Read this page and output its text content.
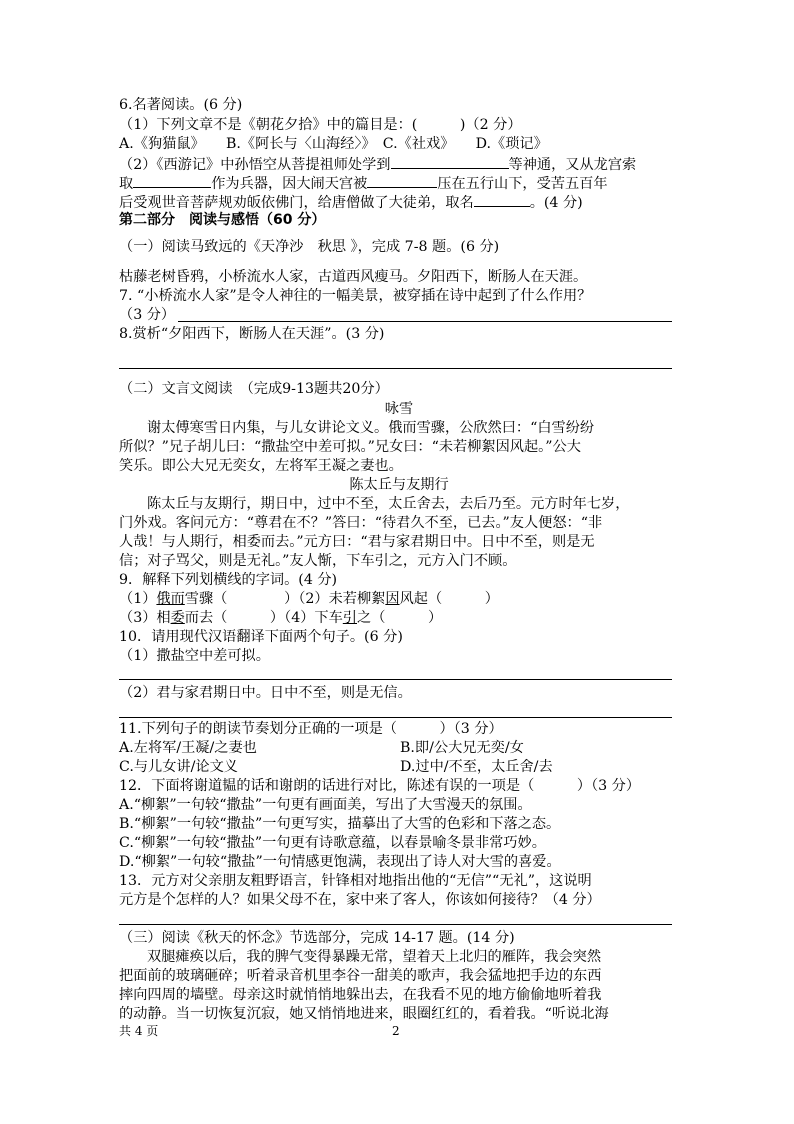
6.名著阅读。(6 分)
（1）下列文章不是《朝花夕拾》中的篇目是：(　　　)（2 分）
A.《狗猫鼠》　　B.《阿长与〈山海经〉》　C.《社戏》　　D.《琐记》
（2）《西游记》中孙悟空从菩提祖师处学到	等神通，又从龙宫索
取	作为兵器，因大闹天宫被	压在五行山下，受苦五百年
后受观世音菩萨规劝皈依佛门，给唐僧做了大徒弟，取名	。(4 分)
第二部分　阅读与感悟（60 分）
（一）阅读马致远的《天净沙　秋思 》，完成 7-8 题。(6 分)
枯藤老树昏鸦，小桥流水人家，古道西风瘦马。夕阳西下，断肠人在天涯。
7. “小桥流水人家”是令人神往的一幅美景，被穿插在诗中起到了什么作用？
（3 分）
8.赏析“夕阳西下，断肠人在天涯”。(3 分)
（二）文言文阅读　（完成9-13题共20分）
咏雪
谢太傅寒雪日内集，与儿女讲论文义。俄而雪骤，公欣然曰：“白雪纷纷
所似？”兄子胡儿曰：“撒盐空中差可拟。”兄女曰：“未若柳絮因风起。”公大
笑乐。即公大兄无奕女，左将军王凝之妻也。
陈太丘与友期行
陈太丘与友期行，期日中，过中不至，太丘舍去，去后乃至。元方时年七岁，
门外戏。客问元方：“尊君在不？”答曰：“待君久不至，已去。”友人便怒：“非
人哉！与人期行，相委而去。”元方曰：“君与家君期日中。日中不至，则是无
信；对子骂父，则是无礼。”友人惭，下车引之，元方入门不顾。
9．解释下列划横线的字词。(4 分)
（1）俄而雪骤（　　　　）（2）未若柳絮因风起（　　　）
（3）相委而去（　　　）（4）下车引之（　　　）
10．请用现代汉语翻译下面两个句子。(6 分)
（1）撒盐空中差可拟。
（2）君与家君期日中。日中不至，则是无信。
11.下列句子的朗读节奏划分正确的一项是（　　　）（3 分）
A.左将军/王凝/之妻也	B.即/公大兄无奕/女
C.与儿女讲/论文义	D.过中/不至，太丘舍/去
12．下面将谢道韫的话和谢朗的话进行对比，陈述有误的一项是（　　　）（3 分）
A.“柳絮”一句较“撒盐”一句更有画面美，写出了大雪漫天的氛围。
B.“柳絮”一句较“撒盐”一句更写实，描摹出了大雪的色彩和下落之态。
C.“柳絮”一句较“撒盐”一句更有诗歌意蕴，以春景喻冬景非常巧妙。
D.“柳絮”一句较“撒盐”一句情感更饱满，表现出了诗人对大雪的喜爱。
13．元方对父亲朋友粗野语言，针锋相对地指出他的“无信”“无礼”，这说明
元方是个怎样的人？如果父母不在，家中来了客人，你该如何接待？（4 分）
（三）阅读《秋天的怀念》节选部分，完成 14-17 题。(14 分)
双腿瘫痪以后，我的脾气变得暴躁无常，望着天上北归的雁阵，我会突然
把面前的玻璃砸碎；听着录音机里李谷一甜美的歌声，我会猛地把手边的东西
摔向四周的墙壁。母亲这时就悄悄地躲出去，在我看不见的地方偷偷地听着我
的动静。当一切恢复沉寂，她又悄悄地进来，眼圈红红的，看着我。“听说北海
共 4 页	2
